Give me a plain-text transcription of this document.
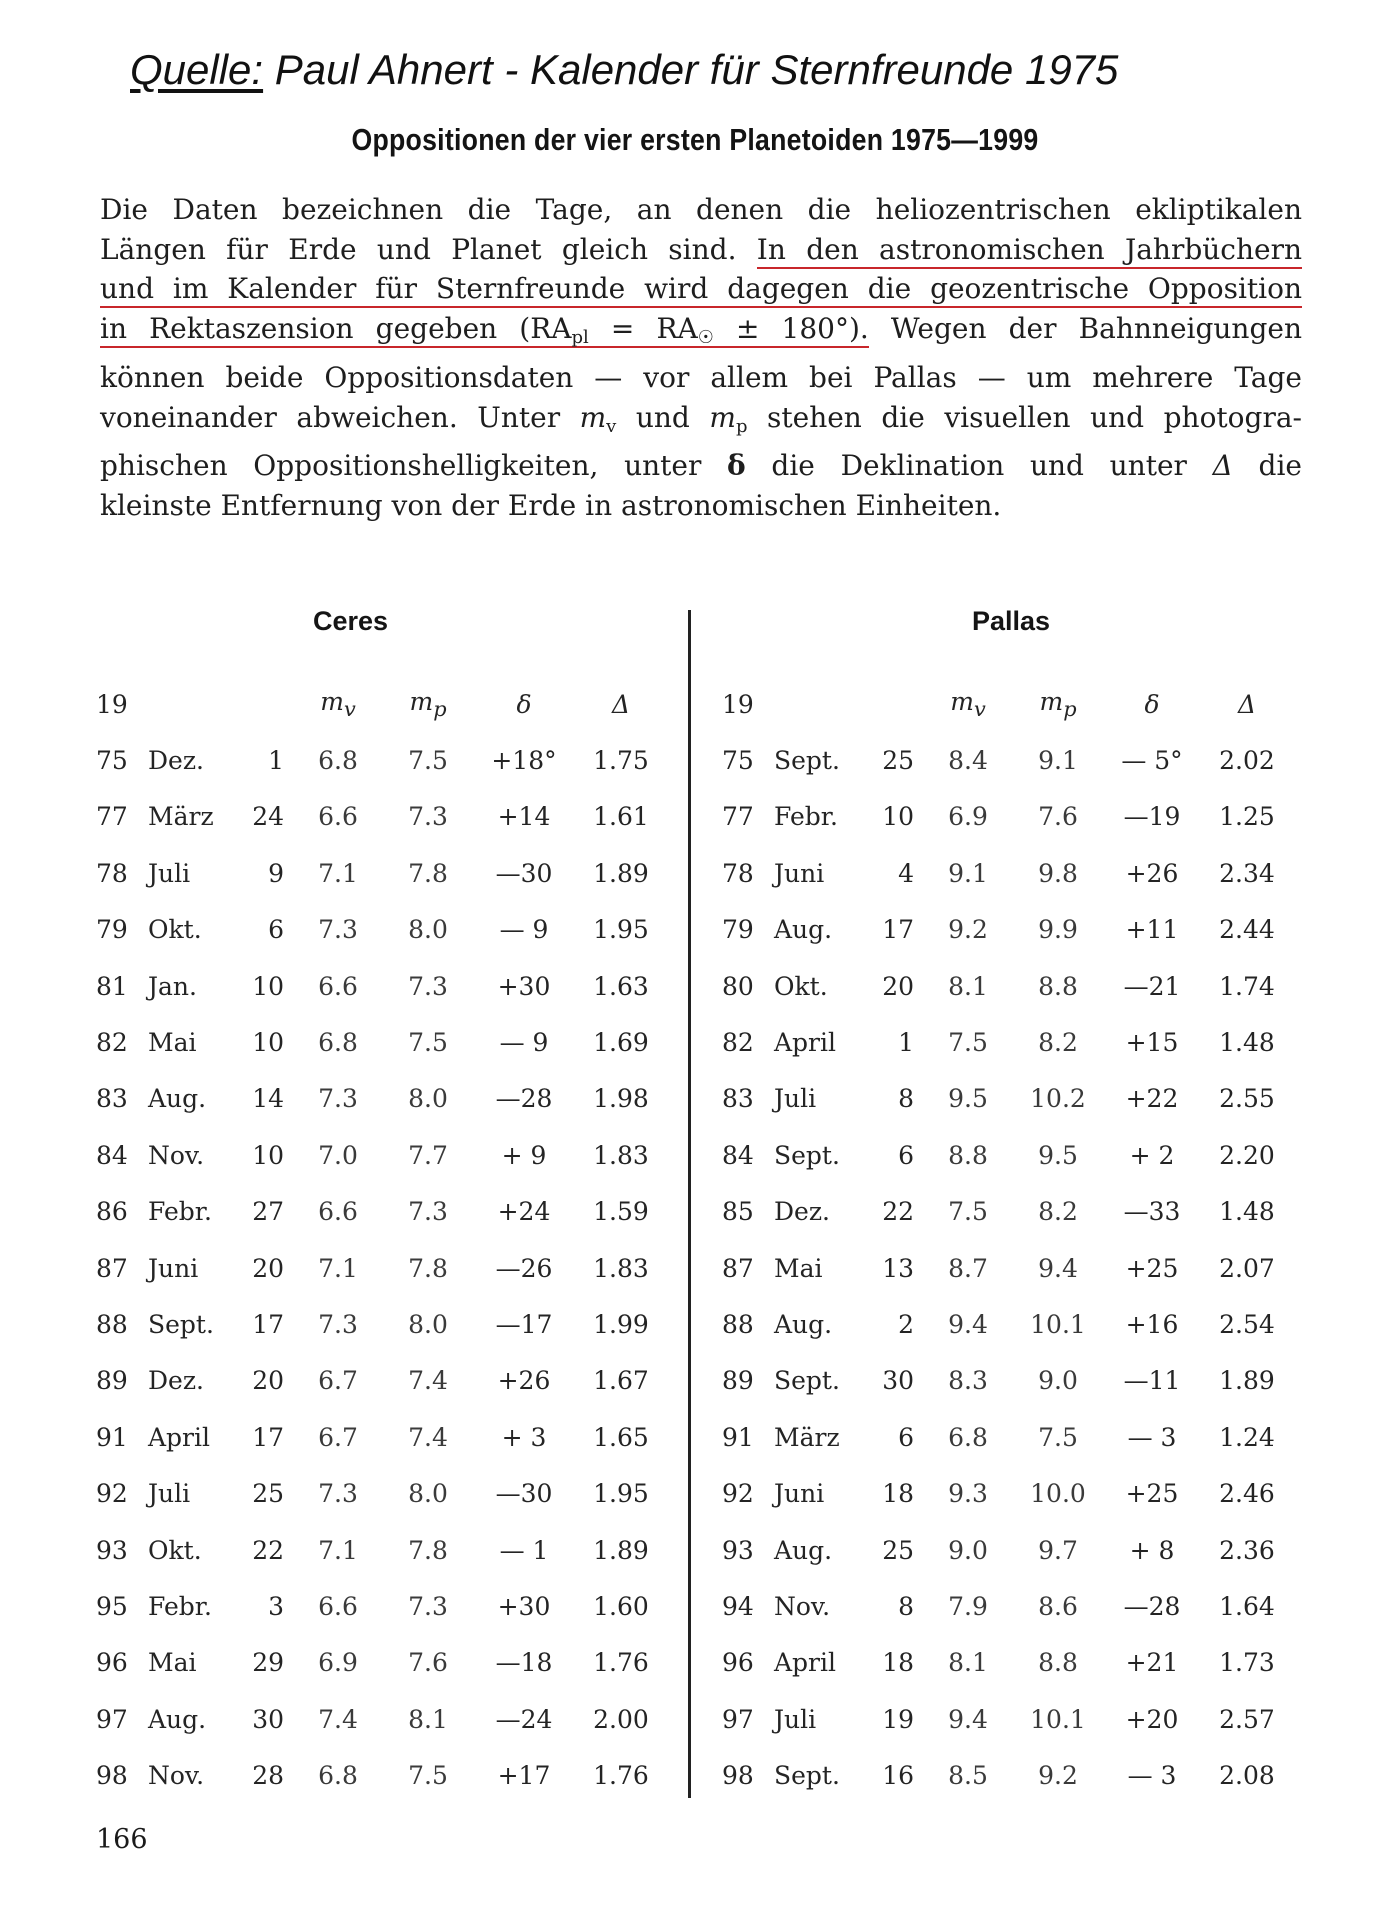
Quelle: Paul Ahnert - Kalender für Sternfreunde 1975
Oppositionen der vier ersten Planetoiden 1975—1999
Die Daten bezeichnen die Tage, an denen die heliozentrischen ekliptikalen
Längen für Erde und Planet gleich sind. In den astronomischen Jahrbüchern
und im Kalender für Sternfreunde wird dagegen die geozentrische Opposition
in Rektaszension gegeben $(RA_{pl} = RA_☉ \pm 180^\circ)$. Wegen der Bahnneigungen
können beide Oppositionsdaten — vor allem bei Pallas — um mehrere Tage
voneinander abweichen. Unter $m_v$ und $m_p$ stehen die visuellen und photogra-
phischen Oppositionshelligkeiten, unter δ die Deklination und unter Δ die
kleinste Entfernung von der Erde in astronomischen Einheiten.
Ceres	Pallas
19			$m_v$	$m_p$	δ	Δ
75	Dez.	1	6.8	7.5	+18°	1.75
77	März	24	6.6	7.3	+14	1.61
78	Juli	9	7.1	7.8	—30	1.89
79	Okt.	6	7.3	8.0	— 9	1.95
81	Jan.	10	6.6	7.3	+30	1.63
82	Mai	10	6.8	7.5	— 9	1.69
83	Aug.	14	7.3	8.0	—28	1.98
84	Nov.	10	7.0	7.7	+ 9	1.83
86	Febr.	27	6.6	7.3	+24	1.59
87	Juni	20	7.1	7.8	—26	1.83
88	Sept.	17	7.3	8.0	—17	1.99
89	Dez.	20	6.7	7.4	+26	1.67
91	April	17	6.7	7.4	+ 3	1.65
92	Juli	25	7.3	8.0	—30	1.95
93	Okt.	22	7.1	7.8	— 1	1.89
95	Febr.	3	6.6	7.3	+30	1.60
96	Mai	29	6.9	7.6	—18	1.76
97	Aug.	30	7.4	8.1	—24	2.00
98	Nov.	28	6.8	7.5	+17	1.76
19			$m_v$	$m_p$	δ	Δ
75	Sept.	25	8.4	9.1	— 5°	2.02
77	Febr.	10	6.9	7.6	—19	1.25
78	Juni	4	9.1	9.8	+26	2.34
79	Aug.	17	9.2	9.9	+11	2.44
80	Okt.	20	8.1	8.8	—21	1.74
82	April	1	7.5	8.2	+15	1.48
83	Juli	8	9.5	10.2	+22	2.55
84	Sept.	6	8.8	9.5	+ 2	2.20
85	Dez.	22	7.5	8.2	—33	1.48
87	Mai	13	8.7	9.4	+25	2.07
88	Aug.	2	9.4	10.1	+16	2.54
89	Sept.	30	8.3	9.0	—11	1.89
91	März	6	6.8	7.5	— 3	1.24
92	Juni	18	9.3	10.0	+25	2.46
93	Aug.	25	9.0	9.7	+ 8	2.36
94	Nov.	8	7.9	8.6	—28	1.64
96	April	18	8.1	8.8	+21	1.73
97	Juli	19	9.4	10.1	+20	2.57
98	Sept.	16	8.5	9.2	— 3	2.08
166
